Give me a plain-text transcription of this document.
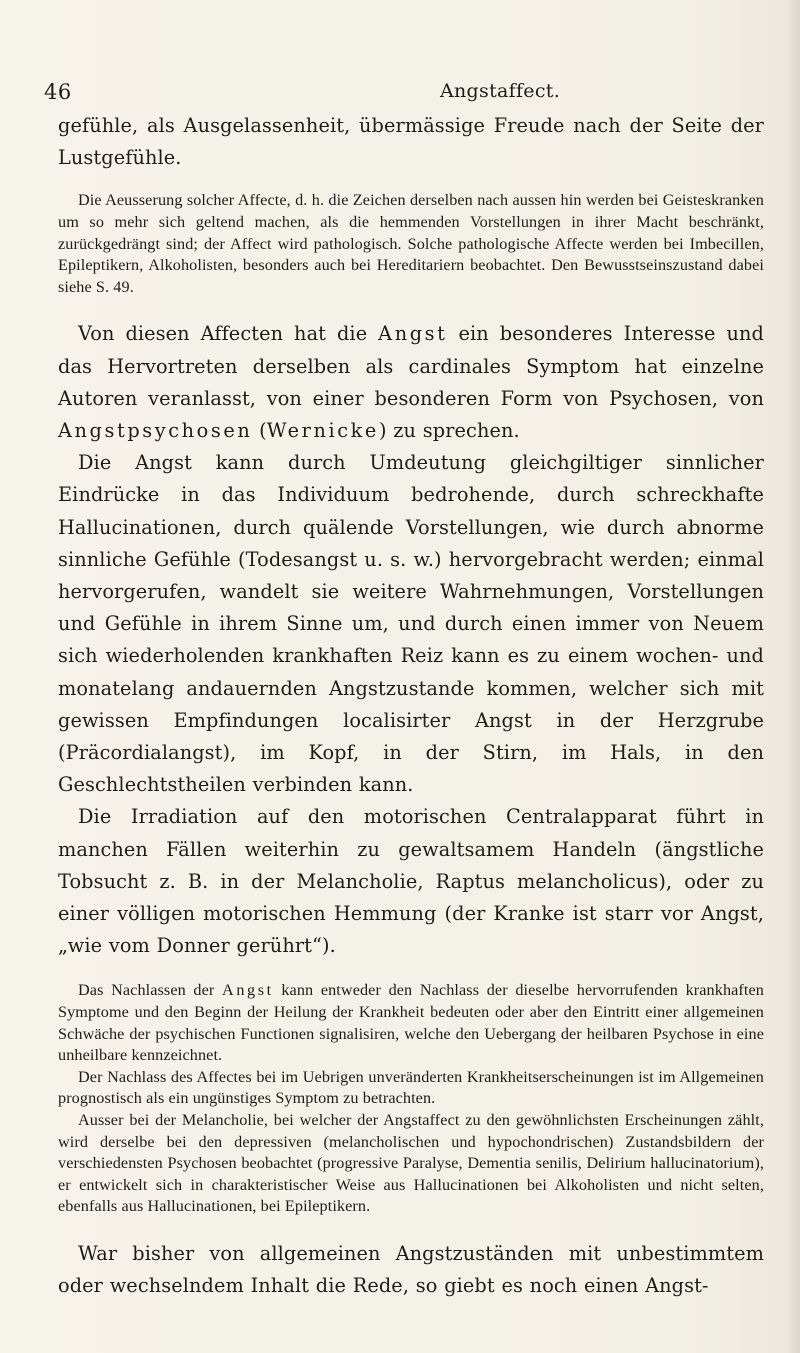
46	Angstaffect.

gefühle, als Ausgelassenheit, übermässige Freude nach der Seite der Lustgefühle.

Die Aeusserung solcher Affecte, d. h. die Zeichen derselben nach aussen hin werden bei Geisteskranken um so mehr sich geltend machen, als die hemmenden Vorstellungen in ihrer Macht beschränkt, zurückgedrängt sind; der Affect wird pathologisch. Solche pathologische Affecte werden bei Imbecillen, Epileptikern, Alkoholisten, besonders auch bei Hereditariern beobachtet. Den Bewusstseinszustand dabei siehe S. 49.

Von diesen Affecten hat die Angst ein besonderes Interesse und das Hervortreten derselben als cardinales Symptom hat einzelne Autoren veranlasst, von einer besonderen Form von Psychosen, von Angstpsychosen (Wernicke) zu sprechen.

Die Angst kann durch Umdeutung gleichgiltiger sinnlicher Eindrücke in das Individuum bedrohende, durch schreckhafte Hallucinationen, durch quälende Vorstellungen, wie durch abnorme sinnliche Gefühle (Todesangst u. s. w.) hervorgebracht werden; einmal hervorgerufen, wandelt sie weitere Wahrnehmungen, Vorstellungen und Gefühle in ihrem Sinne um, und durch einen immer von Neuem sich wiederholenden krankhaften Reiz kann es zu einem wochen- und monatelang andauernden Angstzustande kommen, welcher sich mit gewissen Empfindungen localisirter Angst in der Herzgrube (Präcordialangst), im Kopf, in der Stirn, im Hals, in den Geschlechtstheilen verbinden kann.

Die Irradiation auf den motorischen Centralapparat führt in manchen Fällen weiterhin zu gewaltsamem Handeln (ängstliche Tobsucht z. B. in der Melancholie, Raptus melancholicus), oder zu einer völligen motorischen Hemmung (der Kranke ist starr vor Angst, „wie vom Donner gerührt“).

Das Nachlassen der Angst kann entweder den Nachlass der dieselbe hervorrufenden krankhaften Symptome und den Beginn der Heilung der Krankheit bedeuten oder aber den Eintritt einer allgemeinen Schwäche der psychischen Functionen signalisiren, welche den Uebergang der heilbaren Psychose in eine unheilbare kennzeichnet.

Der Nachlass des Affectes bei im Uebrigen unveränderten Krankheitserscheinungen ist im Allgemeinen prognostisch als ein ungünstiges Symptom zu betrachten.

Ausser bei der Melancholie, bei welcher der Angstaffect zu den gewöhnlichsten Erscheinungen zählt, wird derselbe bei den depressiven (melancholischen und hypochondrischen) Zustandsbildern der verschiedensten Psychosen beobachtet (progressive Paralyse, Dementia senilis, Delirium hallucinatorium), er entwickelt sich in charakteristischer Weise aus Hallucinationen bei Alkoholisten und nicht selten, ebenfalls aus Hallucinationen, bei Epileptikern.

War bisher von allgemeinen Angstzuständen mit unbestimmtem oder wechselndem Inhalt die Rede, so giebt es noch einen Angst-
